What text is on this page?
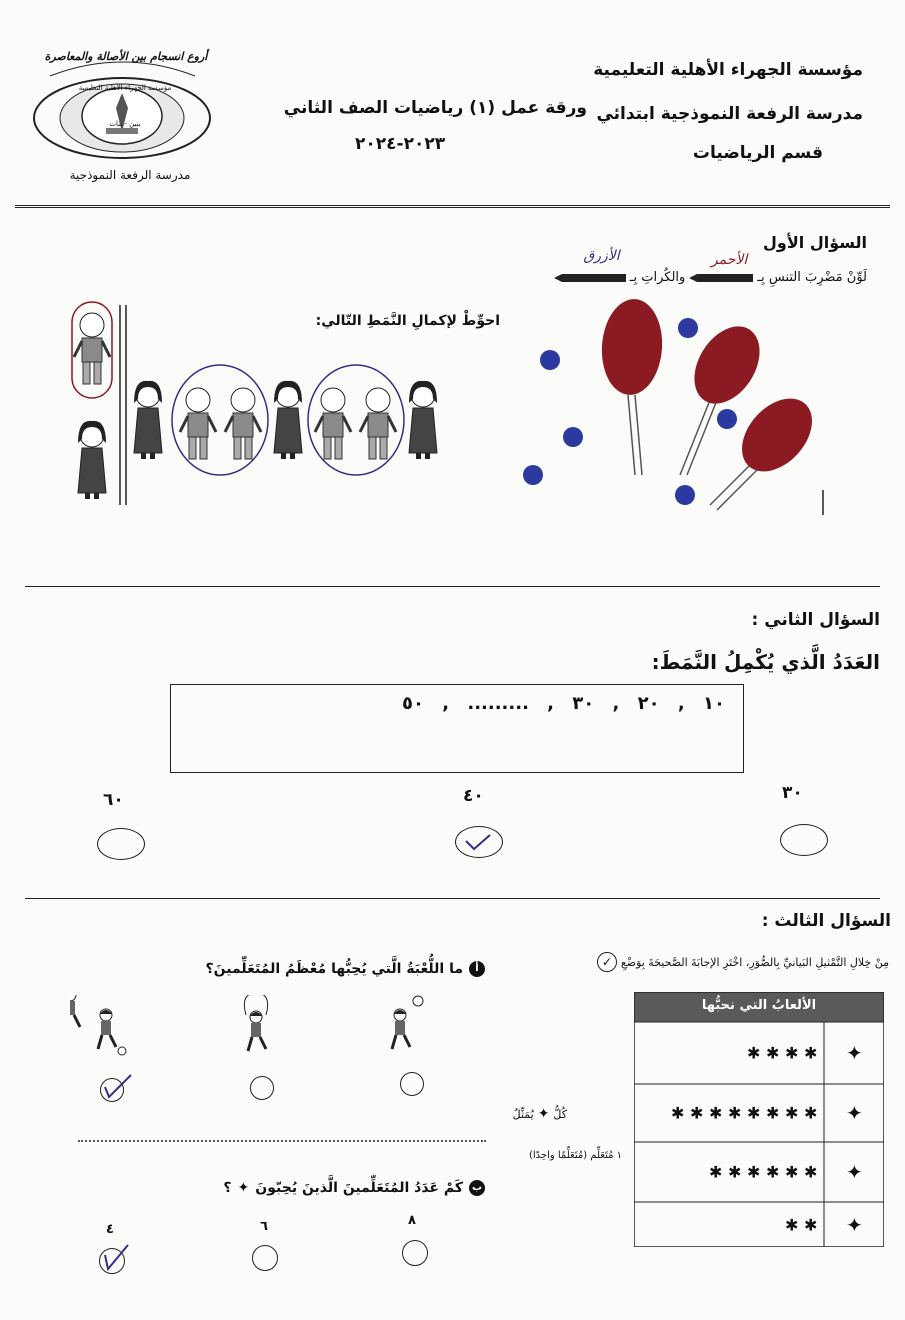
مؤسسة الجهراء الأهلية التعليمية
مدرسة الرفعة النموذجية ابتدائي
قسم الرياضيات
ورقة عمل (١) رياضيات الصف الثاني
٢٠٢٣-٢٠٢٤
أروع انسجام بين الأصالة والمعاصرة
مؤسسة الجهراء الأهلية التعليمية
بنين - بنات
مدرسة الرفعة النموذجية
السؤال الأول
لَوِّنْ مَضْرِبَ التنسِ بِـ
الأحمر
والكُراتِ بِـ
الأزرق
احوِّطْ لإكمالِ النَّمَطِ التّالي:
السؤال الثاني :
العَدَدُ الَّذي يُكْمِلُ النَّمَطَ:
١٠ , ٢٠ , ٣٠ , ......... , ٥٠
٣٠
٤٠
٦٠
السؤال الثالث :
مِنْ خِلالِ التَّمْثيلِ البَيانيِّ بِالصُّوَرِ، اخْتَرِ الإجابَةَ الصَّحيحَةَ بِوَضْعِ
✓
الألعابُ التي نحبُّها
✦
✱
✱
✱
✱
✦
✱
✱
✱
✱
✱
✱
✱
✱
✦
✱
✱
✱
✱
✱
✱
✦
✱
✱
كُلُّ
✦
يُمَثِّلُ
١ مُتَعَلِّم (مُتَعَلِّمًا واحِدًا)
أ
ما اللُّعْبَةُ الَّتي يُحِبُّها مُعْظَمُ المُتَعَلِّمينَ؟
ب
كَمْ عَدَدُ المُتَعَلِّمينَ الَّذينَ يُحِبّونَ
✦
؟
٨
٦
٤
